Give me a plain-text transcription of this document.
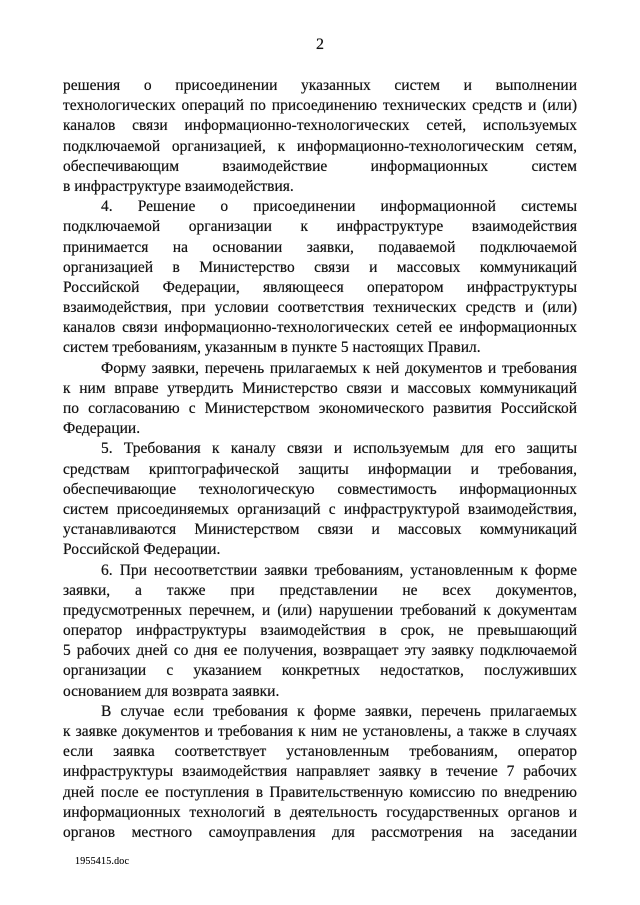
2
решения о присоединении указанных систем и выполнении
технологических операций по присоединению технических средств и (или)
каналов связи информационно-технологических сетей, используемых
подключаемой организацией, к информационно-технологическим сетям,
обеспечивающим взаимодействие информационных систем
в инфраструктуре взаимодействия.
4. Решение о присоединении информационной системы
подключаемой организации к инфраструктуре взаимодействия
принимается на основании заявки, подаваемой подключаемой
организацией в Министерство связи и массовых коммуникаций
Российской Федерации, являющееся оператором инфраструктуры
взаимодействия, при условии соответствия технических средств и (или)
каналов связи информационно-технологических сетей ее информационных
систем требованиям, указанным в пункте 5 настоящих Правил.
Форму заявки, перечень прилагаемых к ней документов и требования
к ним вправе утвердить Министерство связи и массовых коммуникаций
по согласованию с Министерством экономического развития Российской
Федерации.
5. Требования к каналу связи и используемым для его защиты
средствам криптографической защиты информации и требования,
обеспечивающие технологическую совместимость информационных
систем присоединяемых организаций с инфраструктурой взаимодействия,
устанавливаются Министерством связи и массовых коммуникаций
Российской Федерации.
6. При несоответствии заявки требованиям, установленным к форме
заявки, а также при представлении не всех документов,
предусмотренных перечнем, и (или) нарушении требований к документам
оператор инфраструктуры взаимодействия в срок, не превышающий
5 рабочих дней со дня ее получения, возвращает эту заявку подключаемой
организации с указанием конкретных недостатков, послуживших
основанием для возврата заявки.
В случае если требования к форме заявки, перечень прилагаемых
к заявке документов и требования к ним не установлены, а также в случаях
если заявка соответствует установленным требованиям, оператор
инфраструктуры взаимодействия направляет заявку в течение 7 рабочих
дней после ее поступления в Правительственную комиссию по внедрению
информационных технологий в деятельность государственных органов и
органов местного самоуправления для рассмотрения на заседании
1955415.doc
